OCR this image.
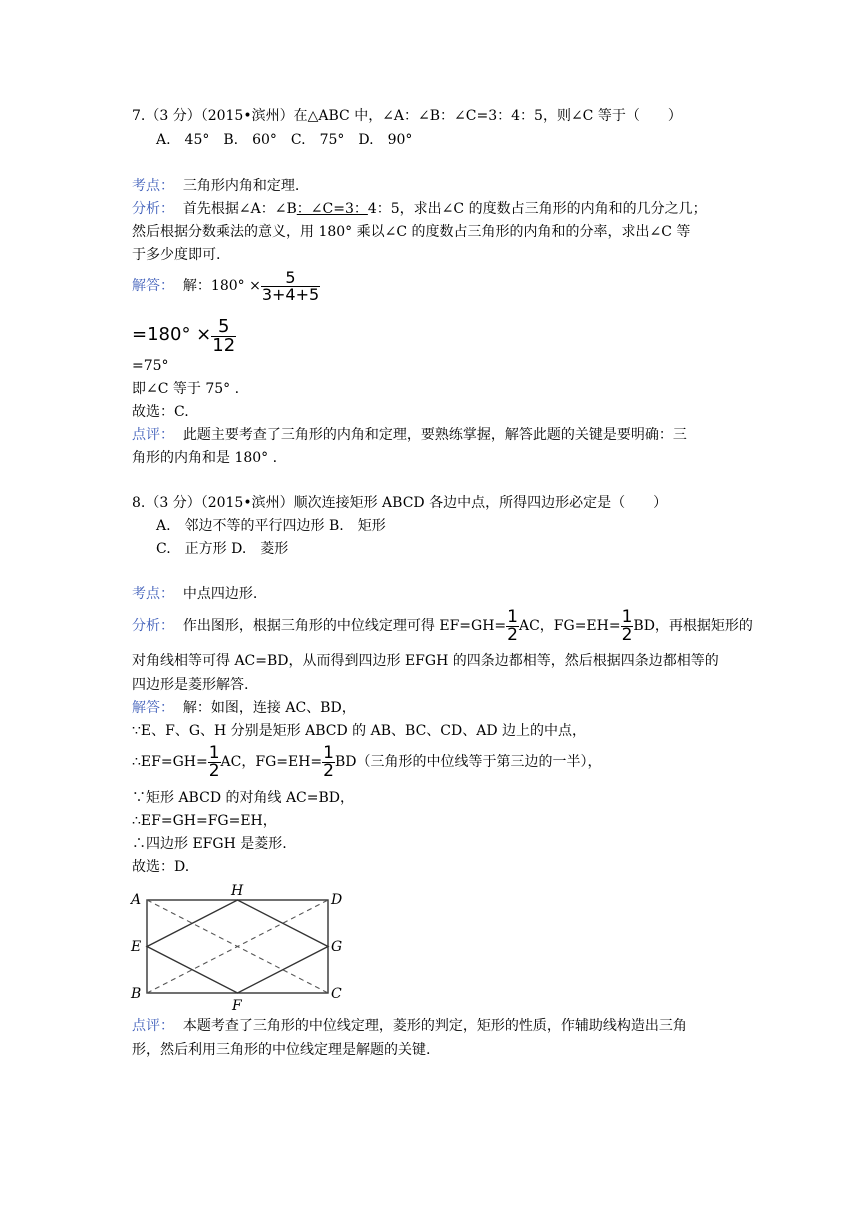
7.（3 分）（2015•滨州）在△ABC 中，∠A：∠B：∠C=3：4：5，则∠C 等于（　　）
A.　45°　B.　60°　C.　75°　D.　90°
考点： 三角形内角和定理.
分析： 首先根据∠A：∠B：∠C=3：4：5，求出∠C 的度数占三角形的内角和的几分之几；
然后根据分数乘法的意义，用 180° 乘以∠C 的度数占三角形的内角和的分率，求出∠C 等
于多少度即可.
解答： 解：$180^\circ \times \frac{5}{3+4+5}$
$=180^\circ \times \frac{5}{12}$
=75°
即∠C 等于 75° .
故选：C.
点评： 此题主要考查了三角形的内角和定理，要熟练掌握，解答此题的关键是要明确：三
角形的内角和是 180° .
8.（3 分）（2015•滨州）顺次连接矩形 ABCD 各边中点，所得四边形必定是（　　）
A.　邻边不等的平行四边形 B.　矩形
C.　正方形 D.　菱形
考点： 中点四边形.
分析： 作出图形，根据三角形的中位线定理可得 $EF=GH= \frac{1}{2}$ AC，$FG=EH= \frac{1}{2}$ BD，再根据矩形的
对角线相等可得 AC=BD，从而得到四边形 EFGH 的四条边都相等，然后根据四条边都相等的
四边形是菱形解答.
解答： 解：如图，连接 AC、BD，
∵E、F、G、H 分别是矩形 ABCD 的 AB、BC、CD、AD 边上的中点，
∴EF=GH= $\frac{1}{2}$ AC，$FG=EH= \frac{1}{2} BD$（三角形的中位线等于第三边的一半），
∵矩形 ABCD 的对角线 AC=BD，
∴EF=GH=FG=EH，
∴四边形 EFGH 是菱形.
故选：D.
A
B	C
D
E
F
G
H
点评： 本题考查了三角形的中位线定理，菱形的判定，矩形的性质，作辅助线构造出三角
形，然后利用三角形的中位线定理是解题的关键.
